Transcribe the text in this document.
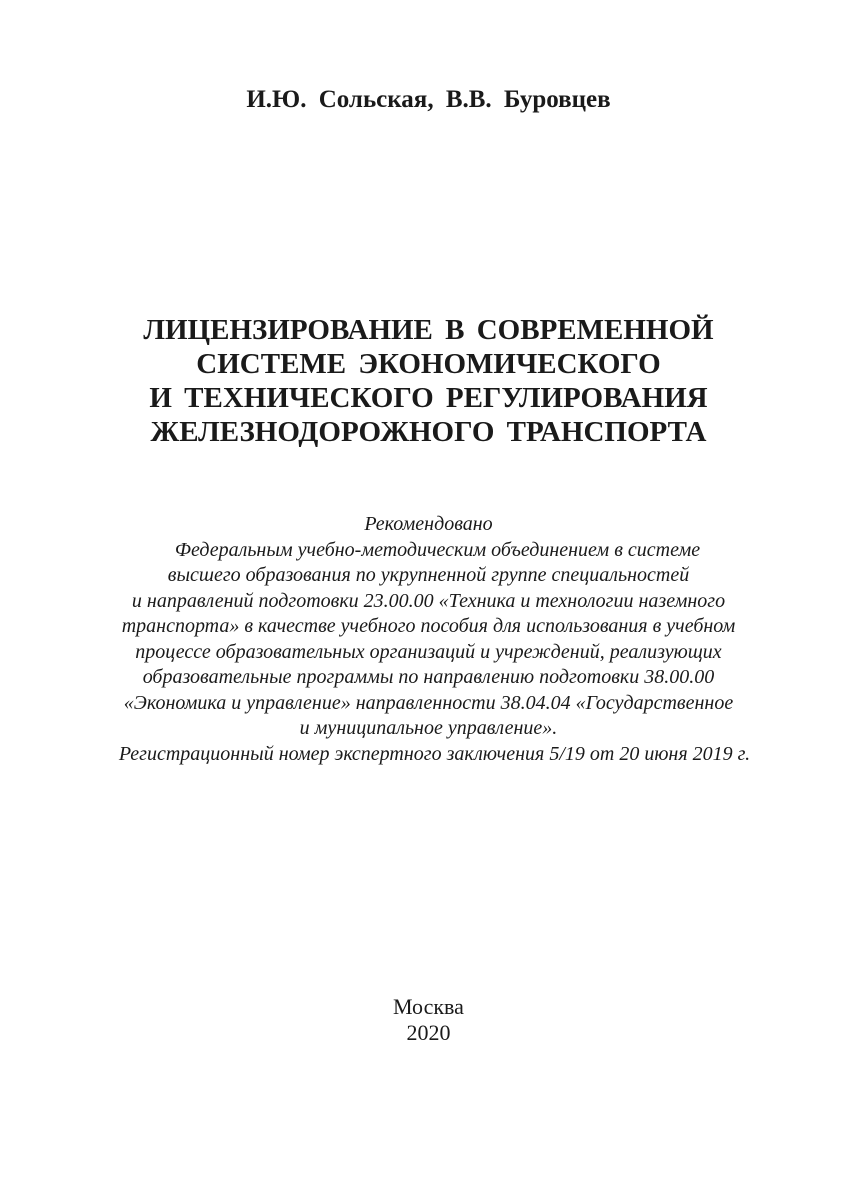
И.Ю. Сольская, В.В. Буровцев
ЛИЦЕНЗИРОВАНИЕ В СОВРЕМЕННОЙ
СИСТЕМЕ ЭКОНОМИЧЕСКОГО
И ТЕХНИЧЕСКОГО РЕГУЛИРОВАНИЯ
ЖЕЛЕЗНОДОРОЖНОГО ТРАНСПОРТА
Рекомендовано
Федеральным учебно-методическим объединением в системе
высшего образования по укрупненной группе специальностей
и направлений подготовки 23.00.00 «Техника и технологии наземного
транспорта» в качестве учебного пособия для использования в учебном
процессе образовательных организаций и учреждений, реализующих
образовательные программы по направлению подготовки 38.00.00
«Экономика и управление» направленности 38.04.04 «Государственное
и муниципальное управление».
Регистрационный номер экспертного заключения 5/19 от 20 июня 2019 г.
Москва
2020
